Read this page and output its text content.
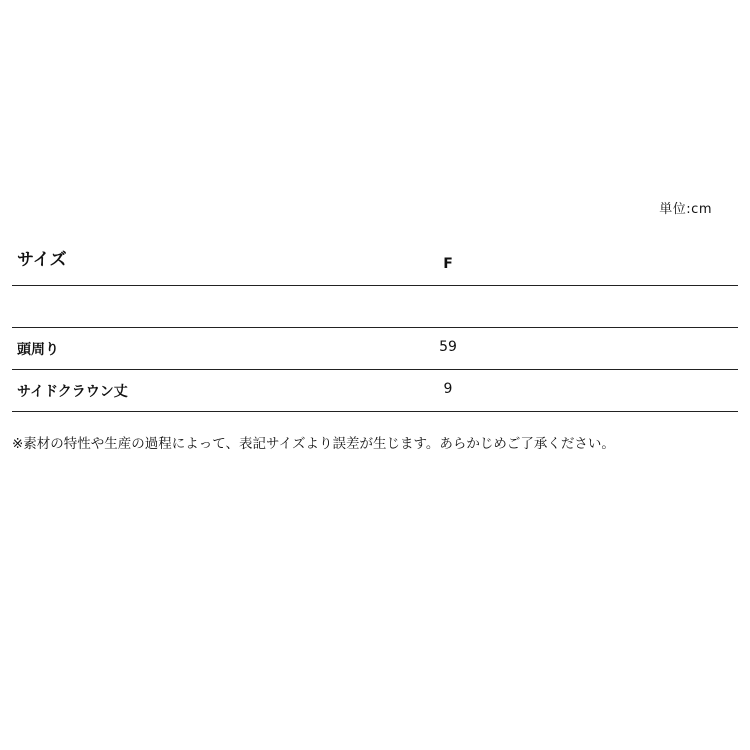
単位:cm
サイズ	F
頭周り	59
サイドクラウン丈	9
※素材の特性や生産の過程によって、表記サイズより誤差が生じます。あらかじめご了承ください。
